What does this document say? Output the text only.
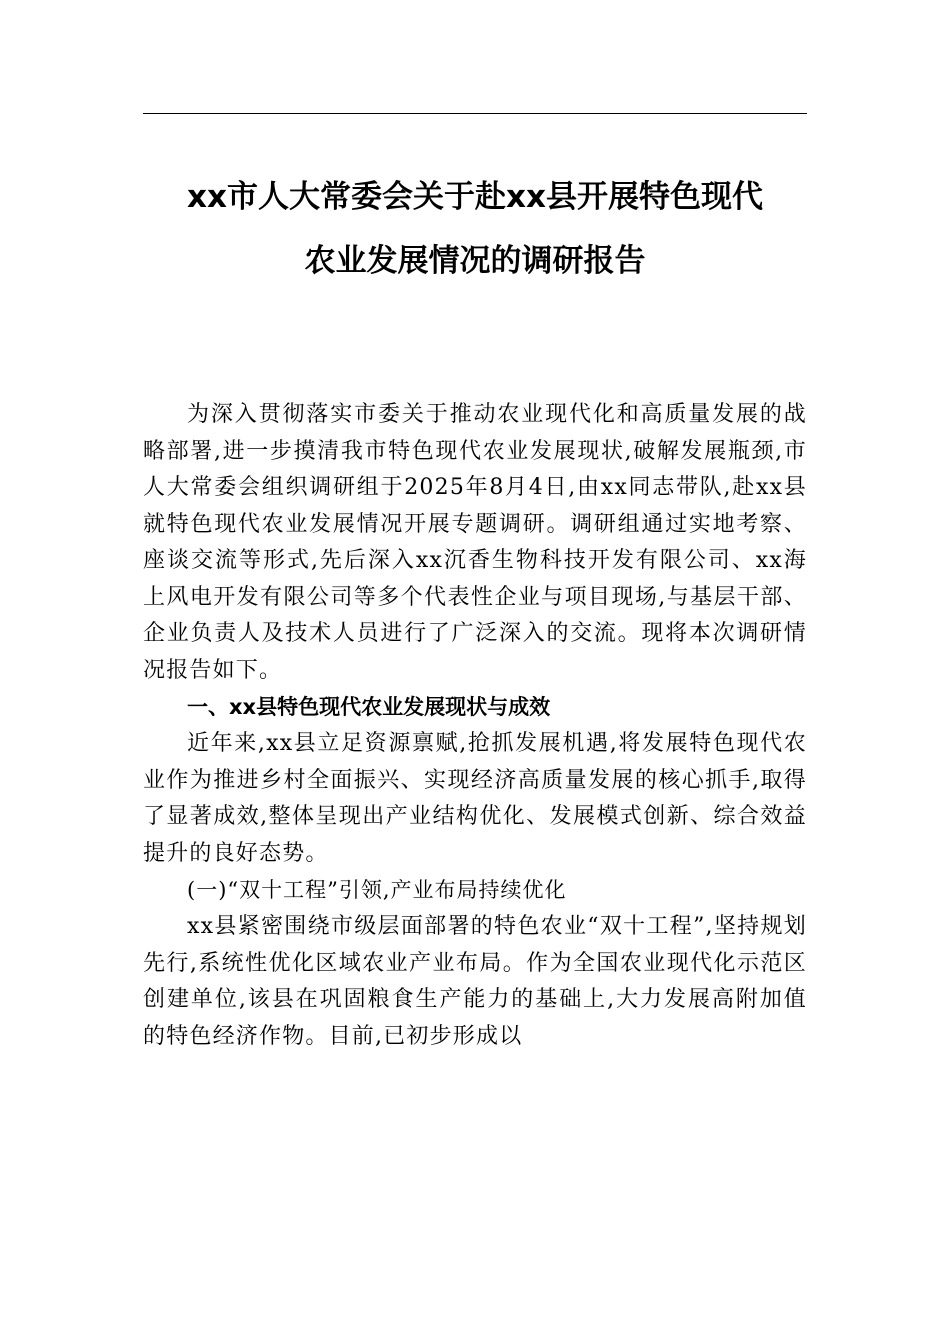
xx市人大常委会关于赴xx县开展特色现代
农业发展情况的调研报告

为深入贯彻落实市委关于推动农业现代化和高质量发展的战略部署,进一步摸清我市特色现代农业发展现状,破解发展瓶颈,市人大常委会组织调研组于2025年8月4日,由xx同志带队,赴xx县就特色现代农业发展情况开展专题调研。调研组通过实地考察、座谈交流等形式,先后深入xx沉香生物科技开发有限公司、xx海上风电开发有限公司等多个代表性企业与项目现场,与基层干部、企业负责人及技术人员进行了广泛深入的交流。现将本次调研情况报告如下。

一、xx县特色现代农业发展现状与成效

近年来,xx县立足资源禀赋,抢抓发展机遇,将发展特色现代农业作为推进乡村全面振兴、实现经济高质量发展的核心抓手,取得了显著成效,整体呈现出产业结构优化、发展模式创新、综合效益提升的良好态势。

(一)“双十工程”引领,产业布局持续优化

xx县紧密围绕市级层面部署的特色农业“双十工程”,坚持规划先行,系统性优化区域农业产业布局。作为全国农业现代化示范区创建单位,该县在巩固粮食生产能力的基础上,大力发展高附加值的特色经济作物。目前,已初步形成以
